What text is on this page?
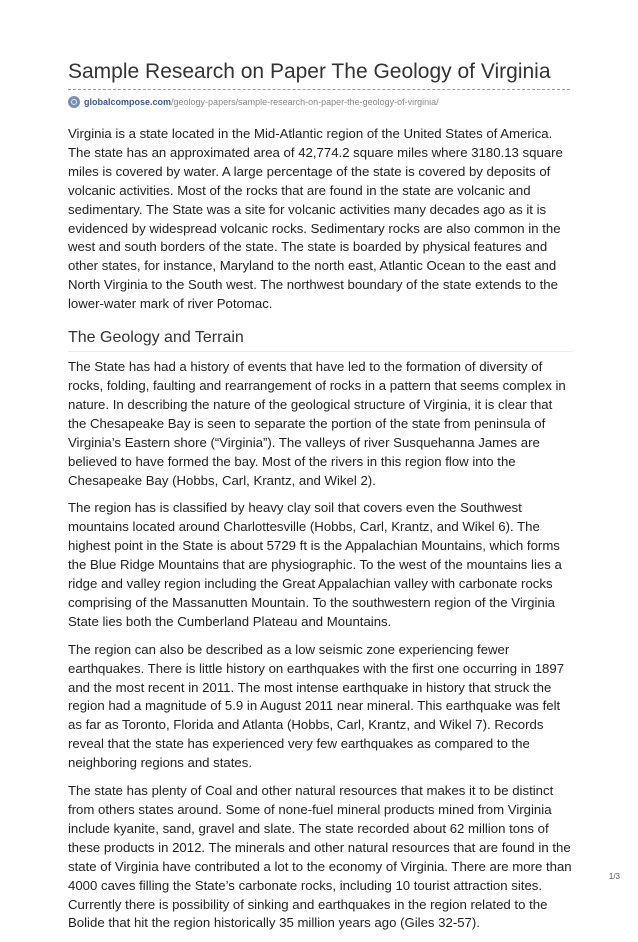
Sample Research on Paper The Geology of Virginia
globalcompose.com /geology-papers/sample-research-on-paper-the-geology-of-virginia/

Virginia is a state located in the Mid-Atlantic region of the United States of America. The state has an approximated area of 42,774.2 square miles where 3180.13 square miles is covered by water. A large percentage of the state is covered by deposits of volcanic activities. Most of the rocks that are found in the state are volcanic and sedimentary. The State was a site for volcanic activities many decades ago as it is evidenced by widespread volcanic rocks. Sedimentary rocks are also common in the west and south borders of the state. The state is boarded by physical features and other states, for instance, Maryland to the north east, Atlantic Ocean to the east and North Virginia to the South west. The northwest boundary of the state extends to the lower-water mark of river Potomac.

The Geology and Terrain

The State has had a history of events that have led to the formation of diversity of rocks, folding, faulting and rearrangement of rocks in a pattern that seems complex in nature. In describing the nature of the geological structure of Virginia, it is clear that the Chesapeake Bay is seen to separate the portion of the state from peninsula of Virginia’s Eastern shore (“Virginia”). The valleys of river Susquehanna James are believed to have formed the bay. Most of the rivers in this region flow into the Chesapeake Bay (Hobbs, Carl, Krantz, and Wikel 2).

The region has is classified by heavy clay soil that covers even the Southwest mountains located around Charlottesville (Hobbs, Carl, Krantz, and Wikel 6). The highest point in the State is about 5729 ft is the Appalachian Mountains, which forms the Blue Ridge Mountains that are physiographic. To the west of the mountains lies a ridge and valley region including the Great Appalachian valley with carbonate rocks comprising of the Massanutten Mountain. To the southwestern region of the Virginia State lies both the Cumberland Plateau and Mountains.

The region can also be described as a low seismic zone experiencing fewer earthquakes. There is little history on earthquakes with the first one occurring in 1897 and the most recent in 2011. The most intense earthquake in history that struck the region had a magnitude of 5.9 in August 2011 near mineral. This earthquake was felt as far as Toronto, Florida and Atlanta (Hobbs, Carl, Krantz, and Wikel 7). Records reveal that the state has experienced very few earthquakes as compared to the neighboring regions and states.

The state has plenty of Coal and other natural resources that makes it to be distinct from others states around. Some of none-fuel mineral products mined from Virginia include kyanite, sand, gravel and slate. The state recorded about 62 million tons of these products in 2012. The minerals and other natural resources that are found in the state of Virginia have contributed a lot to the economy of Virginia. There are more than 4000 caves filling the State’s carbonate rocks, including 10 tourist attraction sites. Currently there is possibility of sinking and earthquakes in the region related to the Bolide that hit the region historically 35 million years ago (Giles 32-57).

1/3
